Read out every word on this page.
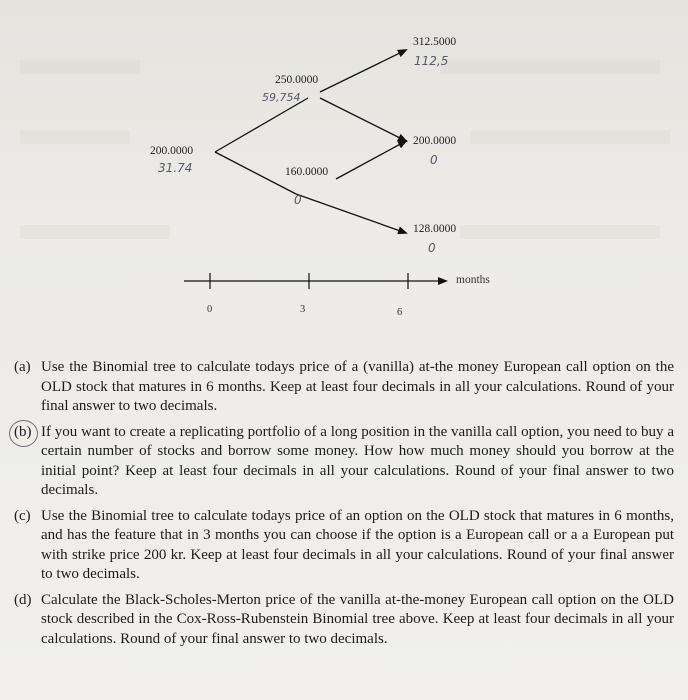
200.0000
31.74
250.0000
59,754
160.0000
0
312.5000
112,5
200.0000
0
128.0000
0
0	3	6
months
(a) Use the Binomial tree to calculate todays price of a (vanilla) at-the money European call option on the OLD stock that matures in 6 months. Keep at least four decimals in all your calculations. Round of your final answer to two decimals.
(b) If you want to create a replicating portfolio of a long position in the vanilla call option, you need to buy a certain number of stocks and borrow some money. How how much money should you borrow at the initial point? Keep at least four decimals in all your calculations. Round of your final answer to two decimals.
(c) Use the Binomial tree to calculate todays price of an option on the OLD stock that matures in 6 months, and has the feature that in 3 months you can choose if the option is a European call or a a European put with strike price 200 kr. Keep at least four decimals in all your calculations. Round of your final answer to two decimals.
(d) Calculate the Black-Scholes-Merton price of the vanilla at-the-money European call option on the OLD stock described in the Cox-Ross-Rubenstein Binomial tree above. Keep at least four decimals in all your calculations. Round of your final answer to two decimals.
